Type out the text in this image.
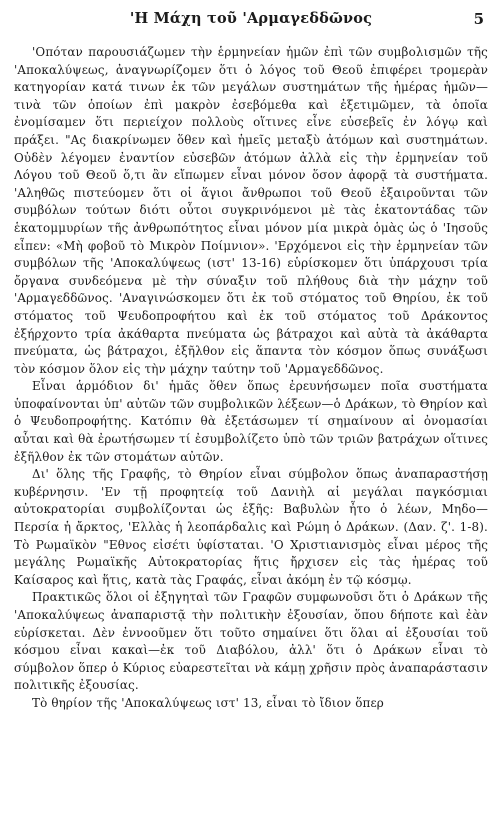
'Η Μάχη τοῦ 'Αρμαγεδδῶνος	5

'Οπόταν παρουσιάζωμεν τὴν ἑρμηνείαν ἡμῶν ἐπὶ τῶν συμβολισμῶν τῆς 'Αποκαλύψεως, ἀναγνωρίζομεν ὅτι ὁ λόγος τοῦ Θεοῦ ἐπιφέρει τρομερὰν κατηγορίαν κατά τινων ἐκ τῶν μεγάλων συστημάτων τῆς ἡμέρας ἡμῶν—τινὰ τῶν ὁποίων ἐπὶ μακρὸν ἐσεβόμεθα καὶ ἐξετιμῶμεν, τὰ ὁποῖα ἐνομίσαμεν ὅτι περιείχον πολλοὺς οἵτινες εἶνε εὐσεβεῖς ἐν λόγῳ καὶ πράξει. "Ας διακρίνωμεν ὅθεν καὶ ἡμεῖς μεταξὺ ἀτόμων καὶ συστημάτων. Οὐδὲν λέγομεν ἐναντίον εὐσεβῶν ἀτόμων ἀλλὰ εἰς τὴν ἑρμηνείαν τοῦ Λόγου τοῦ Θεοῦ ὅ,τι ἂν εἴπωμεν εἶναι μόνον ὅσον ἀφορᾷ τὰ συστήματα. 'Αληθῶς πιστεύομεν ὅτι οἱ ἅγιοι ἄνθρωποι τοῦ Θεοῦ ἐξαιροῦνται τῶν συμβόλων τούτων διότι οὗτοι συγκρινόμενοι μὲ τὰς ἑκατοντάδας τῶν ἑκατομμυρίων τῆς ἀνθρωπότητος εἶναι μόνον μία μικρὰ ὁμὰς ὡς ὁ 'Ιησοῦς εἶπεν: «Μὴ φοβοῦ τὸ Μικρὸν Ποίμνιον». 'Ερχόμενοι εἰς τὴν ἑρμηνείαν τῶν συμβόλων τῆς 'Αποκαλύψεως (ιστ' 13-16) εὑρίσκομεν ὅτι ὑπάρχουσι τρία ὄργανα συνδεόμενα μὲ τὴν σύναξιν τοῦ πλήθους διὰ τὴν μάχην τοῦ 'Αρμαγεδδῶνος. 'Αναγινώσκομεν ὅτι ἐκ τοῦ στόματος τοῦ Θηρίου, ἐκ τοῦ στόματος τοῦ Ψευδοπροφήτου καὶ ἐκ τοῦ στόματος τοῦ Δράκοντος ἐξήρχοντο τρία ἀκάθαρτα πνεύματα ὡς βάτραχοι καὶ αὐτὰ τὰ ἀκάθαρτα πνεύματα, ὡς βάτραχοι, ἐξῆλθον εἰς ἅπαντα τὸν κόσμον ὅπως συνάξωσι τὸν κόσμον ὅλον εἰς τὴν μάχην ταύτην τοῦ 'Αρμαγεδδῶνος.

Εἶναι ἁρμόδιον δι' ἡμᾶς ὅθεν ὅπως ἐρευνήσωμεν ποῖα συστήματα ὑποφαίνονται ὑπ' αὐτῶν τῶν συμβολικῶν λέξεων—ὁ Δράκων, τὸ Θηρίον καὶ ὁ Ψευδοπροφήτης. Κατόπιν θὰ ἐξετάσωμεν τί σημαίνουν αἱ ὀνομασίαι αὗται καὶ θὰ ἐρωτήσωμεν τί ἐσυμβολίζετο ὑπὸ τῶν τριῶν βατράχων οἵτινες ἐξῆλθον ἐκ τῶν στομάτων αὐτῶν.

Δι' ὅλης τῆς Γραφῆς, τὸ Θηρίον εἶναι σύμβολον ὅπως ἀναπαραστήσῃ κυβέρνησιν. 'Εν τῇ προφητείᾳ τοῦ Δανιὴλ αἱ μεγάλαι παγκόσμιαι αὐτοκρατορίαι συμβολίζονται ὡς ἑξῆς: Βαβυλὼν ἦτο ὁ λέων, Μηδο—Περσία ἡ ἄρκτος, 'Ελλὰς ἡ λεοπάρδαλις καὶ Ρώμη ὁ Δράκων. (Δαν. ζ'. 1-8). Τὸ Ρωμαϊκὸν "Εθνος εἰσέτι ὑφίσταται. 'Ο Χριστιανισμὸς εἶναι μέρος τῆς μεγάλης Ρωμαϊκῆς Αὐτοκρατορίας ἥτις ἤρχισεν εἰς τὰς ἡμέρας τοῦ Καίσαρος καὶ ἥτις, κατὰ τὰς Γραφάς, εἶναι ἀκόμη ἐν τῷ κόσμῳ.

Πρακτικῶς ὅλοι οἱ ἐξηγηταὶ τῶν Γραφῶν συμφωνοῦσι ὅτι ὁ Δράκων τῆς 'Αποκαλύψεως ἀναπαριστᾷ τὴν πολιτικὴν ἐξουσίαν, ὅπου δήποτε καὶ ἐὰν εὑρίσκεται. Δὲν ἐννοοῦμεν ὅτι τοῦτο σημαίνει ὅτι ὅλαι αἱ ἐξουσίαι τοῦ κόσμου εἶναι κακαὶ—ἐκ τοῦ Διαβόλου, ἀλλ' ὅτι ὁ Δράκων εἶναι τὸ σύμβολον ὅπερ ὁ Κύριος εὐαρεστεῖται νὰ κάμῃ χρῆσιν πρὸς ἀναπαράστασιν πολιτικῆς ἐξουσίας.

Τὸ θηρίον τῆς 'Αποκαλύψεως ιστ' 13, εἶναι τὸ ἴδιον ὅπερ
